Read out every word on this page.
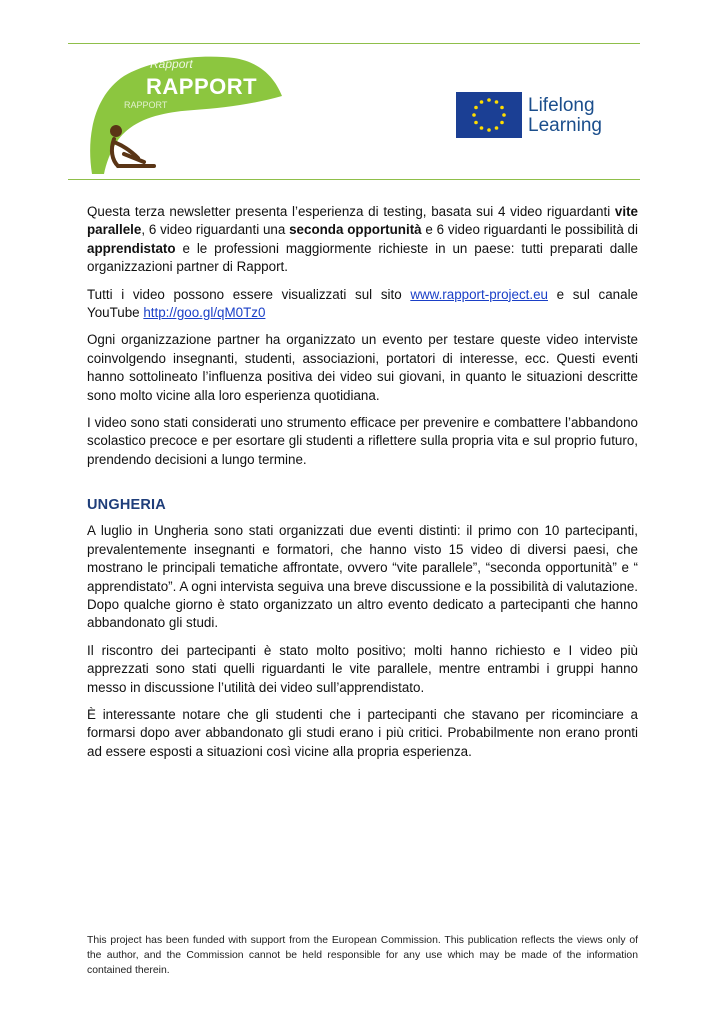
Rapport
RAPPORT
RAPPORT	Lifelong
Learning

Questa terza newsletter presenta l’esperienza di testing, basata sui 4 video riguardanti vite parallele, 6 video riguardanti una seconda opportunità e 6 video riguardanti le possibilità di apprendistato e le professioni maggiormente richieste in un paese: tutti preparati dalle organizzazioni partner di Rapport.

Tutti i video possono essere visualizzati sul sito www.rapport-project.eu e sul canale YouTube http://goo.gl/qM0Tz0

Ogni organizzazione partner ha organizzato un evento per testare queste video interviste coinvolgendo insegnanti, studenti, associazioni, portatori di interesse, ecc. Questi eventi hanno sottolineato l’influenza positiva dei video sui giovani, in quanto le situazioni descritte sono molto vicine alla loro esperienza quotidiana.

I video sono stati considerati uno strumento efficace per prevenire e combattere l’abbandono scolastico precoce e per esortare gli studenti a riflettere sulla propria vita e sul proprio futuro, prendendo decisioni a lungo termine.

UNGHERIA

A luglio in Ungheria sono stati organizzati due eventi distinti: il primo con 10 partecipanti, prevalentemente insegnanti e formatori, che hanno visto 15 video di diversi paesi, che mostrano le principali tematiche affrontate, ovvero “vite parallele”, “seconda opportunità” e “ apprendistato”. A ogni intervista seguiva una breve discussione e la possibilità di valutazione. Dopo qualche giorno è stato organizzato un altro evento dedicato a partecipanti che hanno abbandonato gli studi.

Il riscontro dei partecipanti è stato molto positivo; molti hanno richiesto e I video più apprezzati sono stati quelli riguardanti le vite parallele, mentre entrambi i gruppi hanno messo in discussione l’utilità dei video sull’apprendistato.

È interessante notare che gli studenti che i partecipanti che stavano per ricominciare a formarsi dopo aver abbandonato gli studi erano i più critici. Probabilmente non erano pronti ad essere esposti a situazioni così vicine alla propria esperienza.

This project has been funded with support from the European Commission. This publication reflects the views only of the author, and the Commission cannot be held responsible for any use which may be made of the information contained therein.
